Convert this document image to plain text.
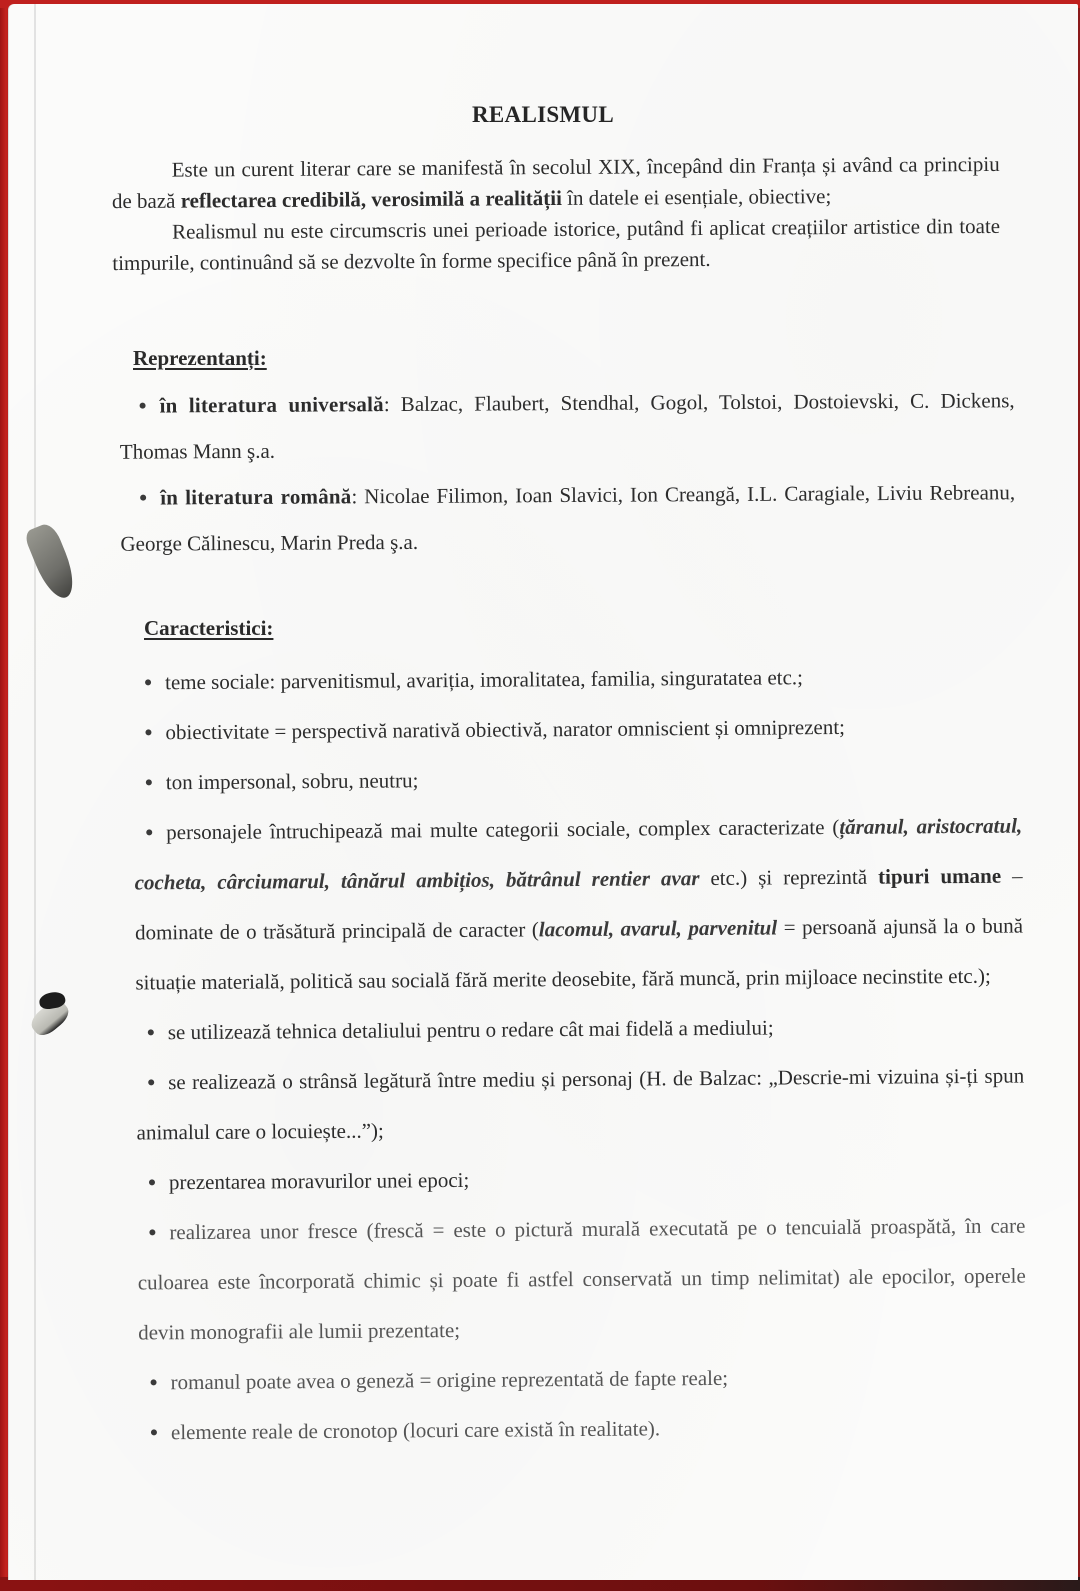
REALISMUL

Este un curent literar care se manifestă în secolul XIX, începând din Franța și având ca principiu de bază reflectarea credibilă, verosimilă a realității în datele ei esențiale, obiective;

Realismul nu este circumscris unei perioade istorice, putând fi aplicat creațiilor artistice din toate timpurile, continuând să se dezvolte în forme specifice până în prezent.

Reprezentanți:
în literatura universală: Balzac, Flaubert, Stendhal, Gogol, Tolstoi, Dostoievski, C. Dickens, Thomas Mann ş.a.
în literatura română: Nicolae Filimon, Ioan Slavici, Ion Creangă, I.L. Caragiale, Liviu Rebreanu, George Călinescu, Marin Preda ş.a.
Caracteristici:
teme sociale: parvenitismul, avariția, imoralitatea, familia, singuratatea etc.;
obiectivitate = perspectivă narativă obiectivă, narator omniscient și omniprezent;
ton impersonal, sobru, neutru;
personajele întruchipează mai multe categorii sociale, complex caracterizate (țăranul, aristocratul, cocheta, cârciumarul, tânărul ambițios, bătrânul rentier avar etc.) și reprezintă tipuri umane – dominate de o trăsătură principală de caracter (lacomul, avarul, parvenitul = persoană ajunsă la o bună situație materială, politică sau socială fără merite deosebite, fără muncă, prin mijloace necinstite etc.);
se utilizează tehnica detaliului pentru o redare cât mai fidelă a mediului;
se realizează o strânsă legătură între mediu și personaj (H. de Balzac: „Descrie-mi vizuina și-ți spun animalul care o locuiește...”);
prezentarea moravurilor unei epoci;
realizarea unor fresce (frescă = este o pictură murală executată pe o tencuială proaspătă, în care culoarea este încorporată chimic și poate fi astfel conservată un timp nelimitat) ale epocilor, operele devin monografii ale lumii prezentate;
romanul poate avea o geneză = origine reprezentată de fapte reale;
elemente reale de cronotop (locuri care există în realitate).
